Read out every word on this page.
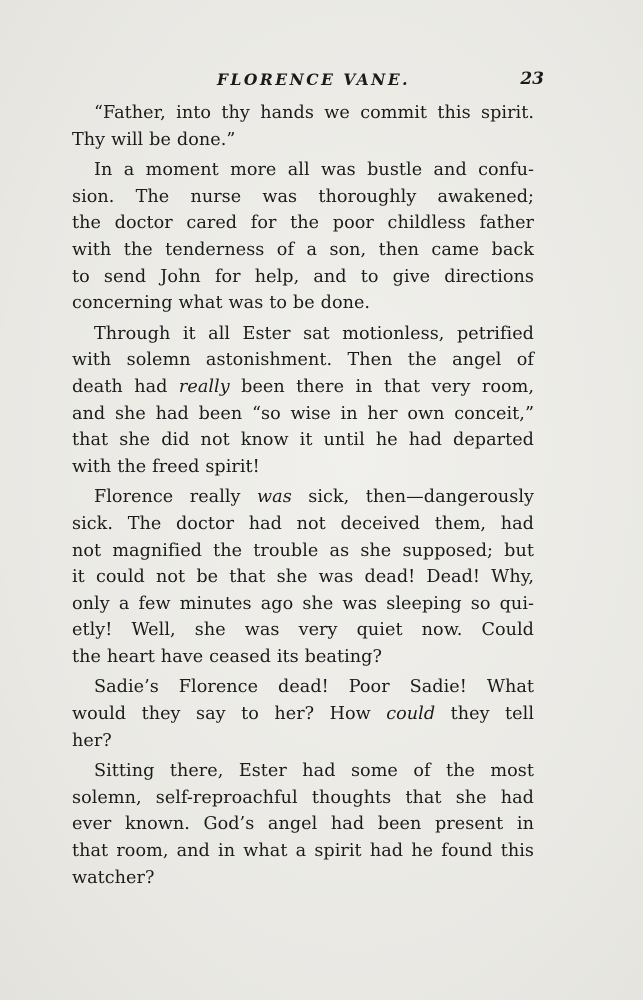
FLORENCE VANE.	23

“Father, into thy hands we commit this spirit.
Thy will be done.”

In a moment more all was bustle and confu-
sion. The nurse was thoroughly awakened;
the doctor cared for the poor childless father
with the tenderness of a son, then came back
to send John for help, and to give directions
concerning what was to be done.

Through it all Ester sat motionless, petrified
with solemn astonishment. Then the angel of
death had really been there in that very room,
and she had been “so wise in her own conceit,”
that she did not know it until he had departed
with the freed spirit!

Florence really was sick, then—dangerously
sick. The doctor had not deceived them, had
not magnified the trouble as she supposed; but
it could not be that she was dead! Dead! Why,
only a few minutes ago she was sleeping so qui-
etly! Well, she was very quiet now. Could
the heart have ceased its beating?

Sadie’s Florence dead! Poor Sadie! What
would they say to her? How could they tell
her?

Sitting there, Ester had some of the most
solemn, self-reproachful thoughts that she had
ever known. God’s angel had been present in
that room, and in what a spirit had he found this
watcher?
